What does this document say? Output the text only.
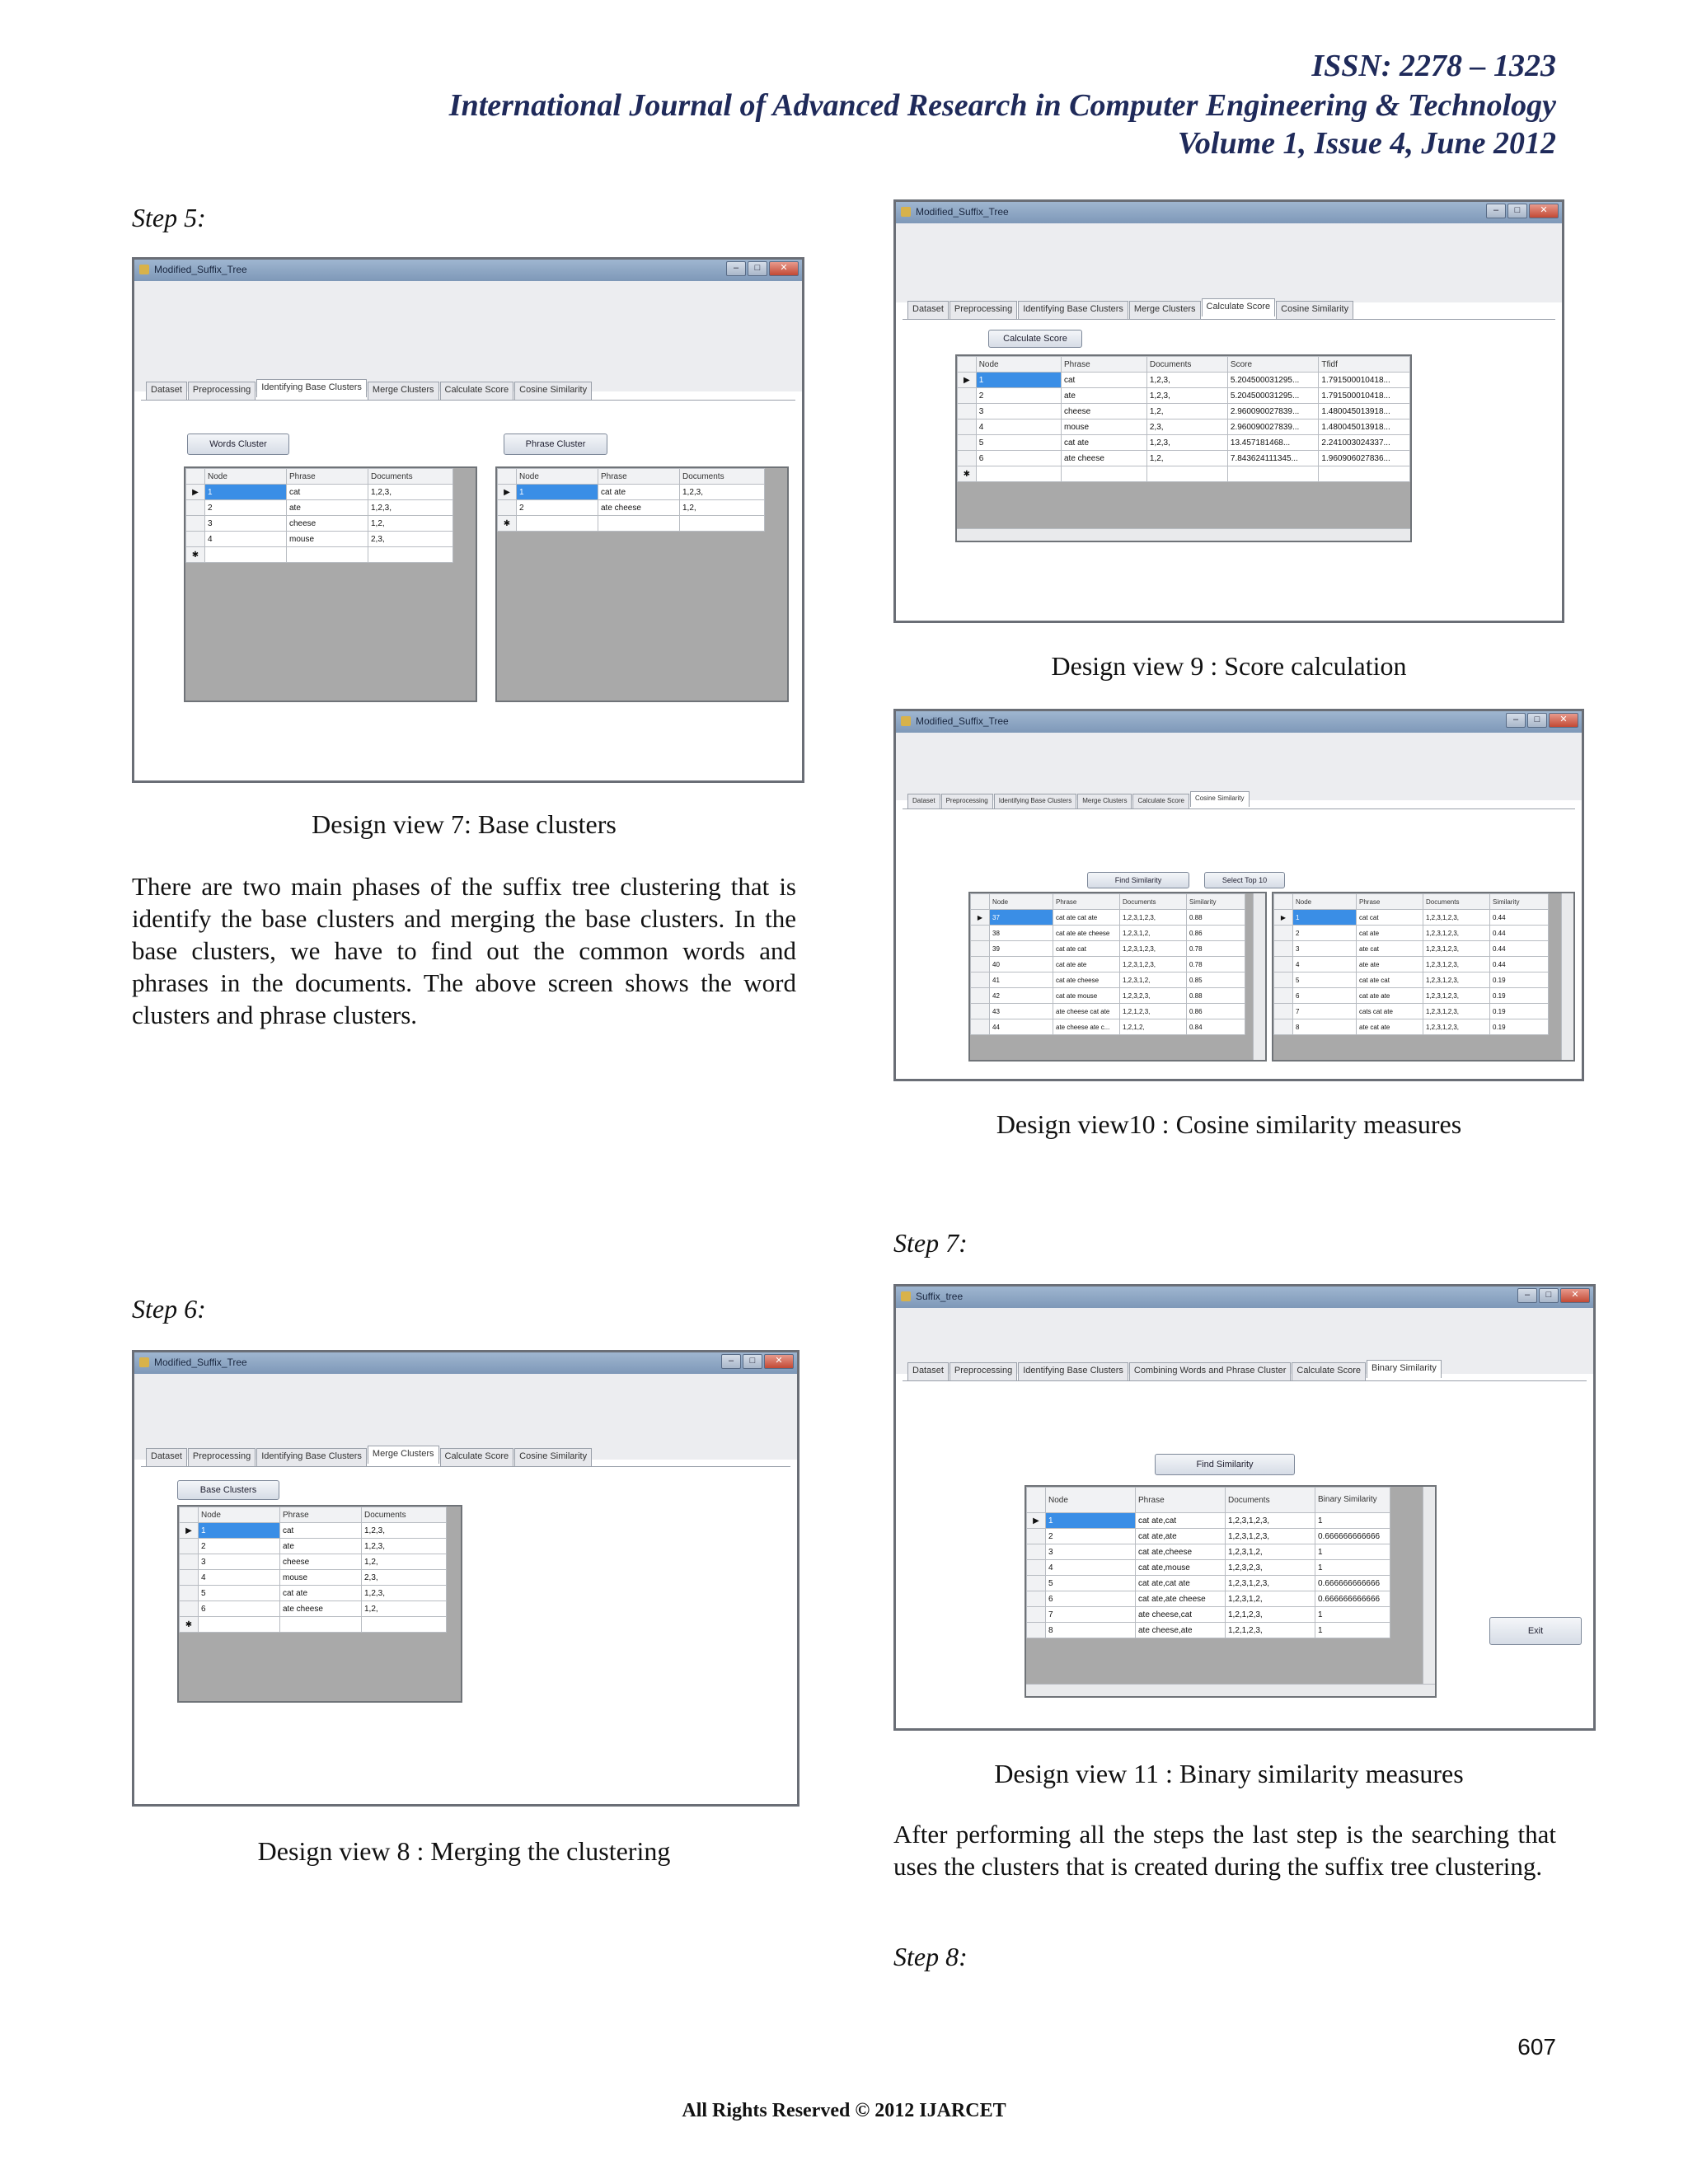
ISSN: 2278 – 1323
International Journal of Advanced Research in Computer Engineering & Technology
Volume 1, Issue 4, June 2012
Step 5:
Modified_Suffix_Tree	–	□	✕
Dataset	Preprocessing	Identifying Base Clusters	Merge Clusters	Calculate Score	Cosine Similarity
Words Cluster	Phrase Cluster
	Node	Phrase	Documents
▶	1	cat	1,2,3,
	2	ate	1,2,3,
	3	cheese	1,2,
	4	mouse	2,3,
✱			
	Node	Phrase	Documents
▶	1	cat ate	1,2,3,
	2	ate cheese	1,2,
✱			
Design view 7: Base clusters
There are two main phases of the suffix tree clustering that is identify the base clusters and merging the base clusters. In the base clusters, we have to find out the common words and phrases in the documents. The above screen shows the word clusters and phrase clusters.
Step 6:
Modified_Suffix_Tree	–	□	✕
Dataset	Preprocessing	Identifying Base Clusters	Merge Clusters	Calculate Score	Cosine Similarity
Base Clusters
	Node	Phrase	Documents
▶	1	cat	1,2,3,
	2	ate	1,2,3,
	3	cheese	1,2,
	4	mouse	2,3,
	5	cat ate	1,2,3,
	6	ate cheese	1,2,
✱			
Design view 8 : Merging the clustering
Modified_Suffix_Tree	–	□	✕
Dataset	Preprocessing	Identifying Base Clusters	Merge Clusters	Calculate Score	Cosine Similarity
Calculate Score
	Node	Phrase	Documents	Score	Tfidf
▶	1	cat	1,2,3,	5.204500031295...	1.791500010418...
	2	ate	1,2,3,	5.204500031295...	1.791500010418...
	3	cheese	1,2,	2.960090027839...	1.480045013918...
	4	mouse	2,3,	2.960090027839...	1.480045013918...
	5	cat ate	1,2,3,	13.457181468...	2.241003024337...
	6	ate cheese	1,2,	7.843624111345...	1.960906027836...
✱					
Design view 9 : Score calculation
Modified_Suffix_Tree	–	□	✕
Dataset	Preprocessing	Identifying Base Clusters	Merge Clusters	Calculate Score	Cosine Similarity
Find Similarity	Select Top 10
	Node	Phrase	Documents	Similarity
▶	37	cat ate cat ate	1,2,3,1,2,3,	0.88
	38	cat ate ate cheese	1,2,3,1,2,	0.86
	39	cat ate cat	1,2,3,1,2,3,	0.78
	40	cat ate ate	1,2,3,1,2,3,	0.78
	41	cat ate cheese	1,2,3,1,2,	0.85
	42	cat ate mouse	1,2,3,2,3,	0.88
	43	ate cheese cat ate	1,2,1,2,3,	0.86
	44	ate cheese ate c...	1,2,1,2,	0.84
	Node	Phrase	Documents	Similarity
▶	1	cat cat	1,2,3,1,2,3,	0.44
	2	cat ate	1,2,3,1,2,3,	0.44
	3	ate cat	1,2,3,1,2,3,	0.44
	4	ate ate	1,2,3,1,2,3,	0.44
	5	cat ate cat	1,2,3,1,2,3,	0.19
	6	cat ate ate	1,2,3,1,2,3,	0.19
	7	cats cat ate	1,2,3,1,2,3,	0.19
	8	ate cat ate	1,2,3,1,2,3,	0.19
Design view10 : Cosine similarity measures
Step 7:
Suffix_tree	–	□	✕
Dataset	Preprocessing	Identifying Base Clusters	Combining Words and Phrase Cluster	Calculate Score	Binary Similarity
Find Similarity
	Node	Phrase	Documents	Binary Similarity
▶	1	cat ate,cat	1,2,3,1,2,3,	1
	2	cat ate,ate	1,2,3,1,2,3,	0.666666666666
	3	cat ate,cheese	1,2,3,1,2,	1
	4	cat ate,mouse	1,2,3,2,3,	1
	5	cat ate,cat ate	1,2,3,1,2,3,	0.666666666666
	6	cat ate,ate cheese	1,2,3,1,2,	0.666666666666
	7	ate cheese,cat	1,2,1,2,3,	1
	8	ate cheese,ate	1,2,1,2,3,	1	Exit
Design view 11 : Binary similarity measures
After performing all the steps the last step is the searching that uses the clusters that is created during the suffix tree clustering.
Step 8:
607
All Rights Reserved © 2012 IJARCET
